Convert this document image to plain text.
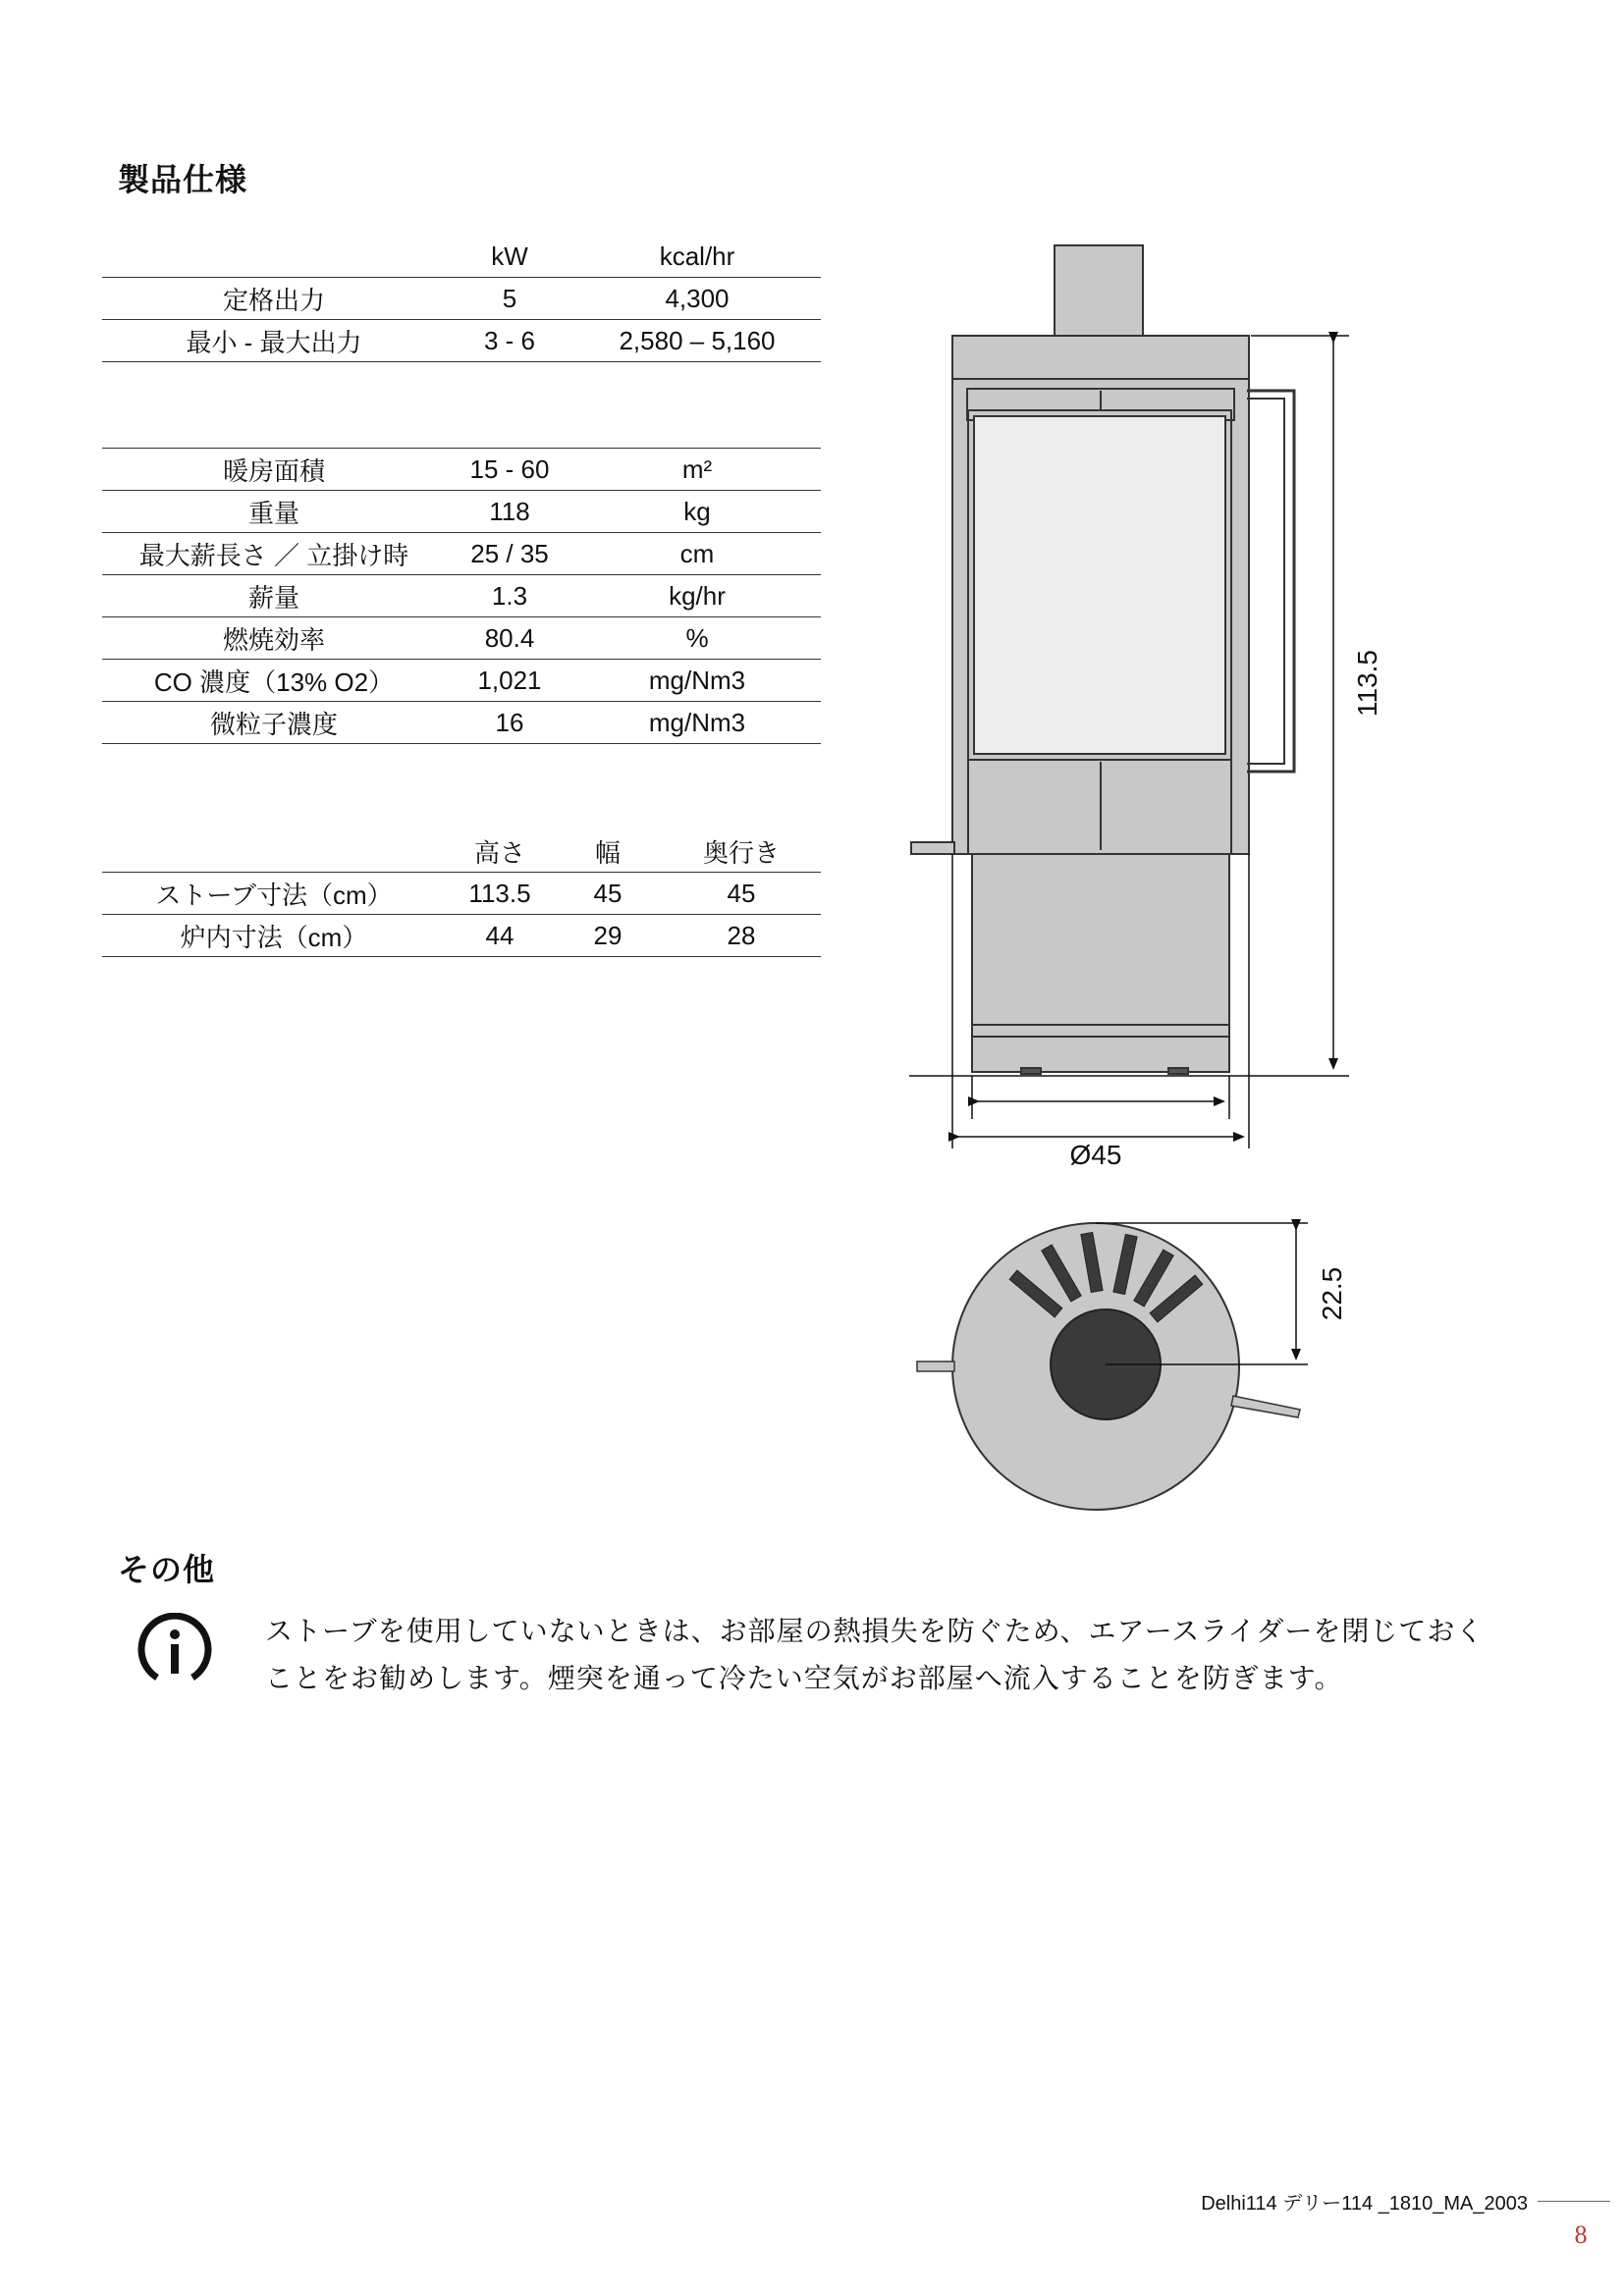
製品仕様
	kW	kcal/hr
定格出力	5	4,300
最小 - 最大出力	3 - 6	2,580 – 5,160
暖房面積	15 - 60	m²
重量	118	kg
最大薪長さ ／ 立掛け時	25 / 35	cm
薪量	1.3	kg/hr
燃焼効率	80.4	%
CO 濃度（13% O2）	1,021	mg/Nm3
微粒子濃度	16	mg/Nm3
	高さ	幅	奥行き
ストーブ寸法（cm）	113.5	45	45
炉内寸法（cm）	44	29	28
113.5
Ø45
22.5
その他
ストーブを使用していないときは、お部屋の熱損失を防ぐため、エアースライダーを閉じておく
ことをお勧めします。煙突を通って冷たい空気がお部屋へ流入することを防ぎます。
Delhi114 デリー114 _1810_MA_2003
8
